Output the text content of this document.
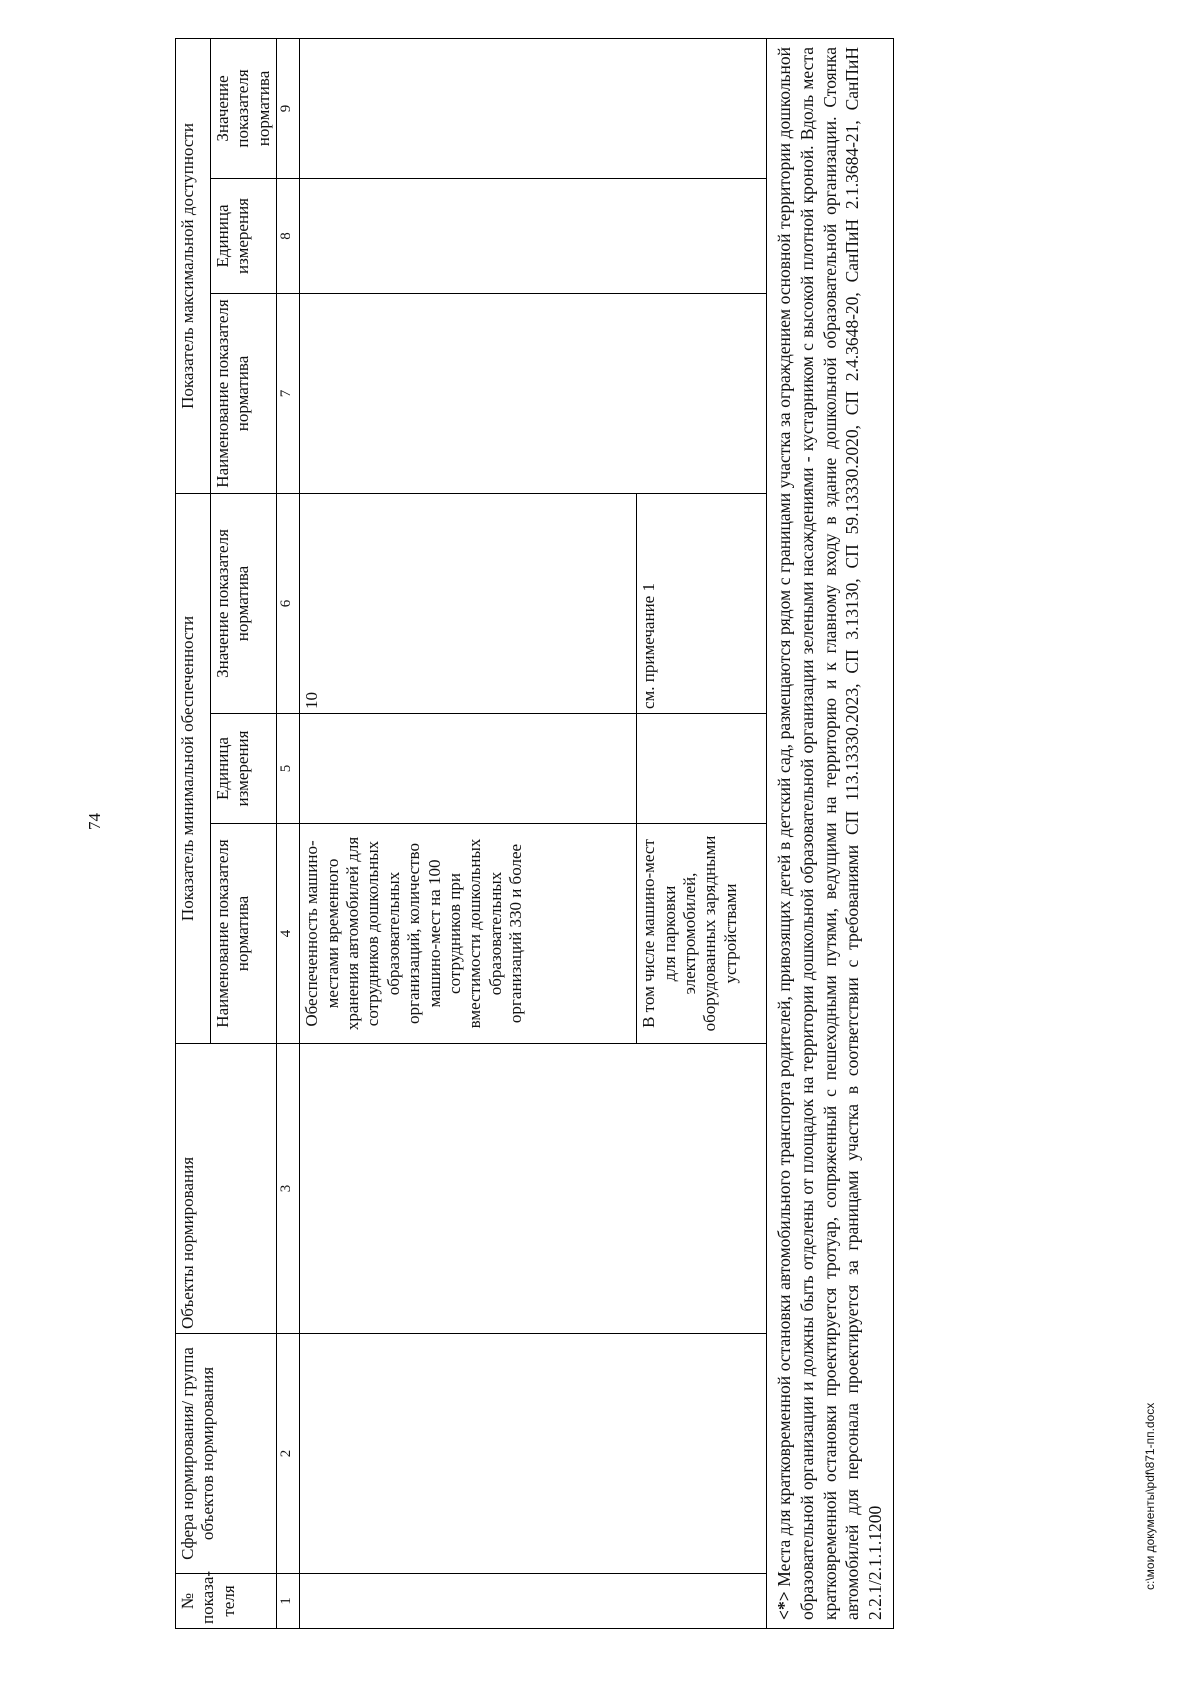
74
c:\мои документы\pdf\871-пп.docx
№ показа-теля	Сфера нормирования/ группа объектов нормирования	Объекты нормирования	Показатель минимальной обеспеченности			Показатель максимальной доступности		
			Наименование показателя норматива	Единица измерения	Значение показателя норматива	Наименование показателя норматива	Единица измерения	Значение показателя норматива
1	2	3	4	5	6	7	8	9
			Обеспеченность машино-местами временного хранения автомобилей для сотрудников дошкольных образовательных организаций, количество машино-мест на 100 сотрудников при вместимости дошкольных образовательных организаций 330 и более		10			
			В том числе машино-мест для парковки электромобилей, оборудованных зарядными устройствами		см. примечание 1			
<*> Места для кратковременной остановки автомобильного транспорта родителей, привозящих детей в детский сад, размещаются рядом с границами участка за ограждением основной территории дошкольной образовательной организации и должны быть отделены от площадок на территории дошкольной образовательной организации зелеными насаждениями - кустарником с высокой плотной кроной. Вдоль места кратковременной остановки проектируется тротуар, сопряженный с пешеходными путями, ведущими на территорию и к главному входу в здание дошкольной образовательной организации. Стоянка автомобилей для персонала проектируется за границами участка в соответствии с требованиями СП 113.13330.2023, СП 3.13130, СП 59.13330.2020, СП 2.4.3648-20, СанПиН 2.1.3684-21, СанПиН 2.2.1/2.1.1.1200								
